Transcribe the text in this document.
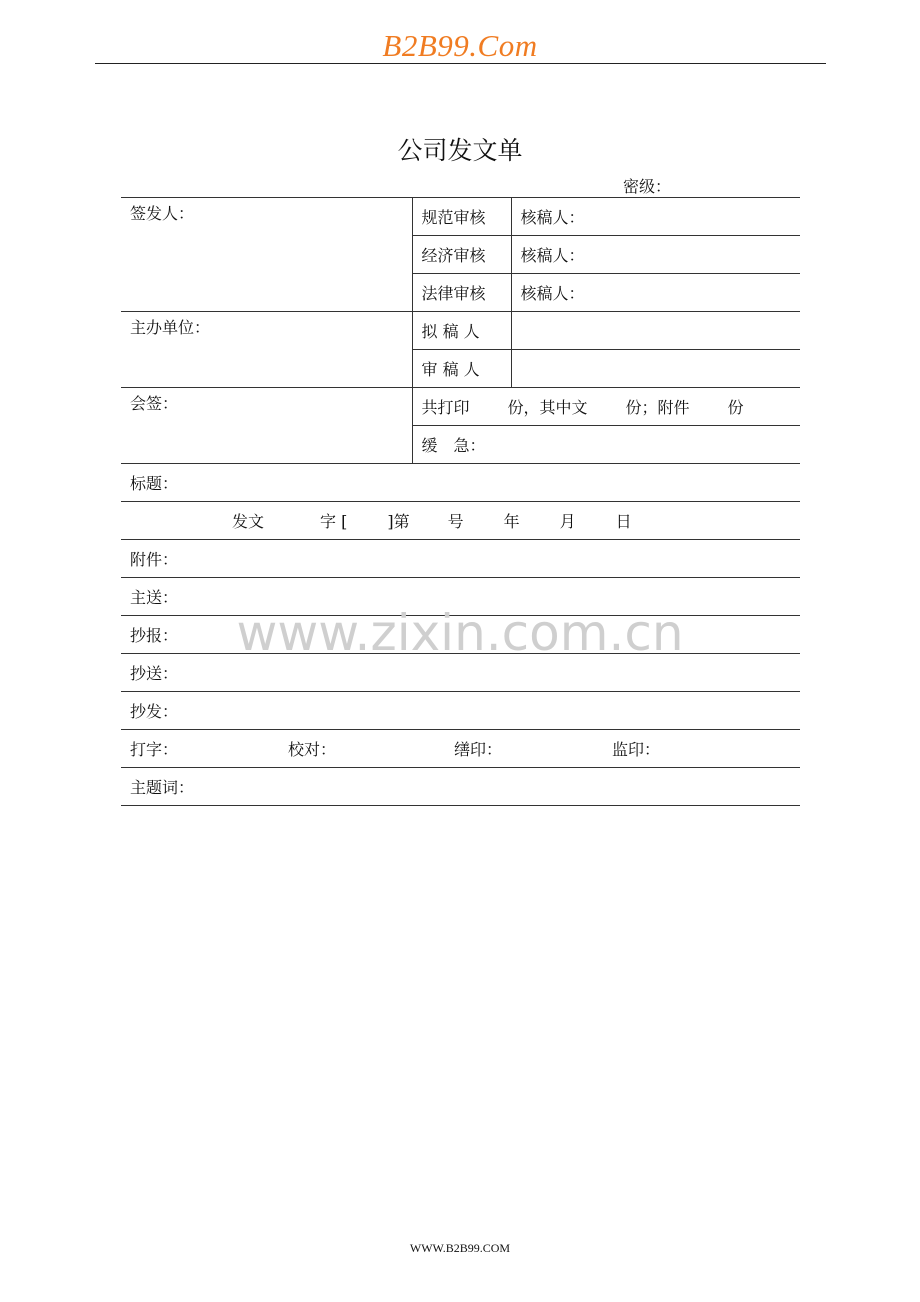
B2B99.Com
公司发文单
密级：
签发人：	规范审核	核稿人：
	经济审核	核稿人：
	法律审核	核稿人：
主办单位：	拟 稿 人	
	审 稿 人	
会签：	共打印 份，其中文 份；附件 份	
	缓　急：	
标题：		
发文 字 [ ]第 号 年 月 日		
附件：		
主送：		
抄报：		
抄送：		
抄发：		
打字： 校对： 缮印： 监印：		
主题词：		
www.zixin.com.cn
WWW.B2B99.COM
